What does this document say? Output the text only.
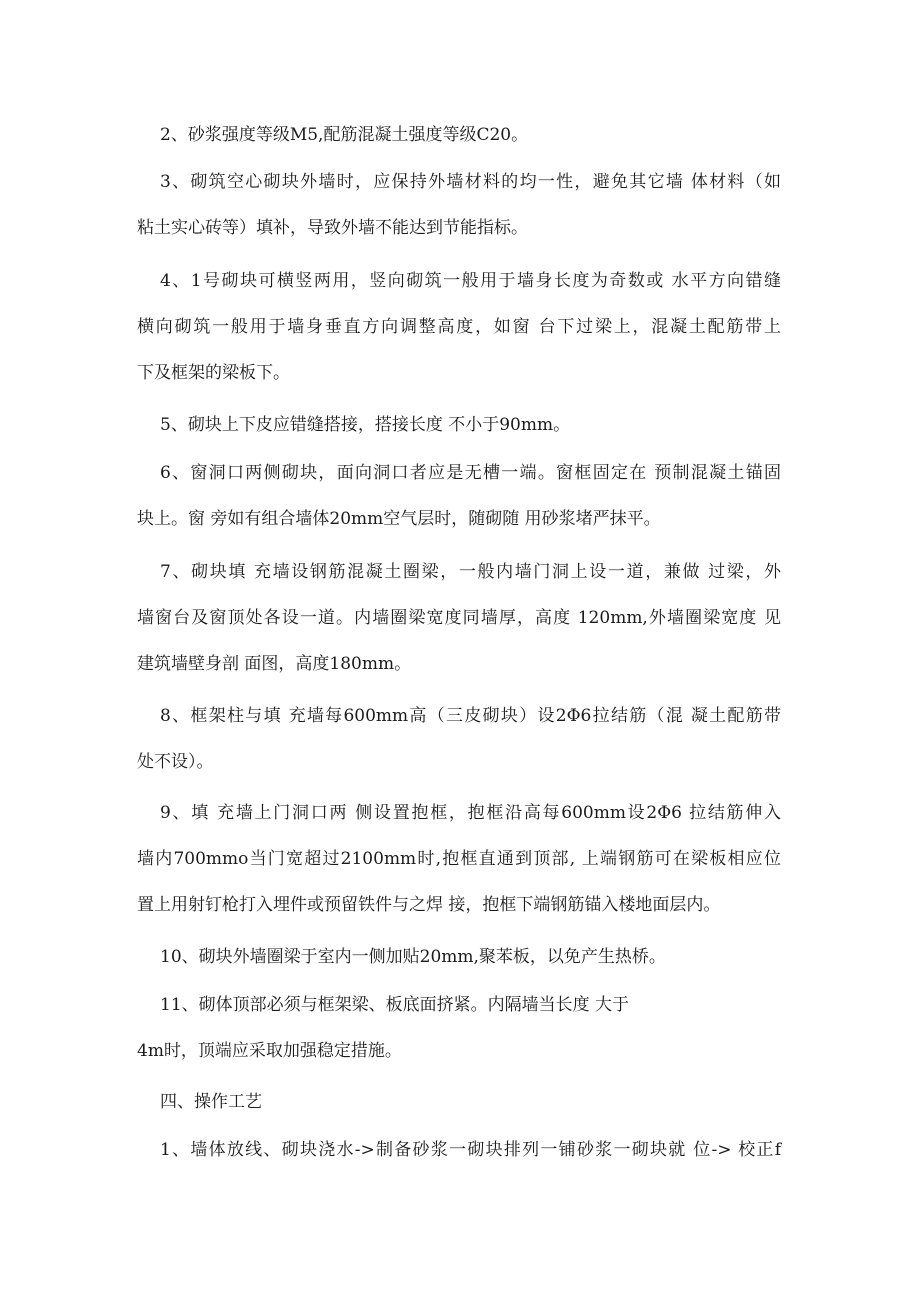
2、砂浆强度等级M5,配筋混凝土强度等级C20。
3、砌筑空心砌块外墙时，应保持外墙材料的均一性，避免其它墙 体材料（如
粘土实心砖等）填补，导致外墙不能达到节能指标。
4、1号砌块可横竖两用，竖向砌筑一般用于墙身长度为奇数或 水平方向错缝
横向砌筑一般用于墙身垂直方向调整高度，如窗 台下过梁上，混凝土配筋带上
下及框架的梁板下。
5、砌块上下皮应错缝搭接，搭接长度 不小于90mm。
6、窗洞口两侧砌块，面向洞口者应是无槽一端。窗框固定在 预制混凝土锚固
块上。窗 旁如有组合墙体20mm空气层时，随砌随 用砂浆堵严抹平。
7、砌块填 充墙设钢筋混凝土圈梁，一般内墙门洞上设一道，兼做 过梁，外
墙窗台及窗顶处各设一道。内墙圈梁宽度同墙厚，高度 120mm,外墙圈梁宽度 见
建筑墙壁身剖 面图，高度180mm。
8、框架柱与填 充墙每600mm高（三皮砌块）设2Φ6拉结筋（混 凝土配筋带
处不设）。
9、填 充墙上门洞口两 侧设置抱框，抱框沿高每600mm设2Φ6 拉结筋伸入
墙内700mmo当门宽超过2100mm时,抱框直通到顶部, 上端钢筋可在梁板相应位
置上用射钉枪打入埋件或预留铁件与之焊 接，抱框下端钢筋锚入楼地面层内。
10、砌块外墙圈梁于室内一侧加贴20mm,聚苯板，以免产生热桥。
11、砌体顶部必须与框架梁、板底面挤紧。内隔墙当长度 大于
4m时，顶端应采取加强稳定措施。
四、操作工艺
1、墙体放线、砌块浇水->制备砂浆一砌块排列一铺砂浆一砌块就 位-> 校正f
